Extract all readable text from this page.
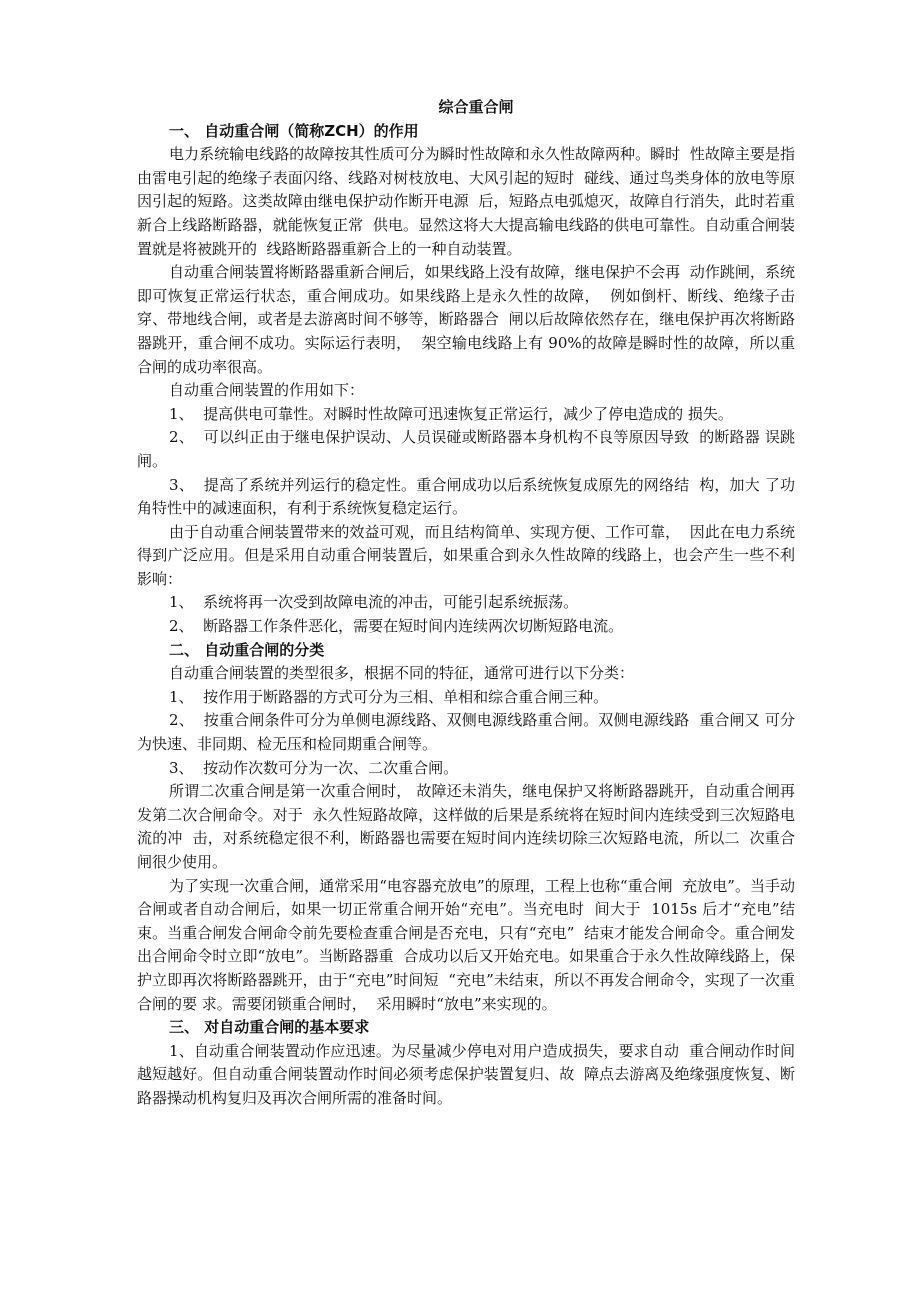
综合重合闸

一、 自动重合闸（简称ZCH）的作用

电力系统输电线路的故障按其性质可分为瞬时性故障和永久性故障两种。瞬时  性故障主要是指由雷电引起的绝缘子表面闪络、线路对树枝放电、大风引起的短时  碰线、通过鸟类身体的放电等原因引起的短路。这类故障由继电保护动作断开电源  后，短路点电弧熄灭，故障自行消失，此时若重新合上线路断路器，就能恢复正常  供电。显然这将大大提高输电线路的供电可靠性。自动重合闸装置就是将被跳开的  线路断路器重新合上的一种自动装置。

自动重合闸装置将断路器重新合闸后，如果线路上没有故障，继电保护不会再  动作跳闸，系统即可恢复正常运行状态，重合闸成功。如果线路上是永久性的故障，  例如倒杆、断线、绝缘子击穿、带地线合闸，或者是去游离时间不够等，断路器合  闸以后故障依然存在，继电保护再次将断路器跳开，重合闸不成功。实际运行表明，  架空输电线路上有 90%的故障是瞬时性的故障，所以重合闸的成功率很高。

自动重合闸装置的作用如下：

1、  提高供电可靠性。对瞬时性故障可迅速恢复正常运行，减少了停电造成的 损失。

2、  可以纠正由于继电保护误动、人员误碰或断路器本身机构不良等原因导致  的断路器 误跳闸。

3、  提高了系统并列运行的稳定性。重合闸成功以后系统恢复成原先的网络结  构，加大 了功角特性中的减速面积，有利于系统恢复稳定运行。

由于自动重合闸装置带来的效益可观，而且结构简单、实现方便、工作可靠，  因此在电力系统得到广泛应用。但是采用自动重合闸装置后，如果重合到永久性故障的线路上，也会产生一些不利影响：

1、  系统将再一次受到故障电流的冲击，可能引起系统振荡。

2、  断路器工作条件恶化，需要在短时间内连续两次切断短路电流。

二、 自动重合闸的分类

自动重合闸装置的类型很多，根据不同的特征，通常可进行以下分类：

1、  按作用于断路器的方式可分为三相、单相和综合重合闸三种。

2、  按重合闸条件可分为单侧电源线路、双侧电源线路重合闸。双侧电源线路  重合闸又 可分为快速、非同期、检无压和检同期重合闸等。

3、  按动作次数可分为一次、二次重合闸。

所谓二次重合闸是第一次重合闸时， 故障还未消失，继电保护又将断路器跳开，自动重合闸再发第二次合闸命令。对于  永久性短路故障，这样做的后果是系统将在短时间内连续受到三次短路电流的冲  击，对系统稳定很不利，断路器也需要在短时间内连续切除三次短路电流，所以二  次重合闸很少使用。

为了实现一次重合闸，通常采用“电容器充放电”的原理，工程上也称“重合闸  充放电”。当手动合闸或者自动合闸后，如果一切正常重合闸开始“充电”。当充电时  间大于  1015s 后才“充电”结束。当重合闸发合闸命令前先要检查重合闸是否充电，只有“充电”  结束才能发合闸命令。重合闸发出合闸命令时立即“放电”。当断路器重  合成功以后又开始充电。如果重合于永久性故障线路上，保护立即再次将断路器跳开，由于“充电”时间短  “充电”未结束，所以不再发合闸命令，实现了一次重合闸的要 求。需要闭锁重合闸时，  采用瞬时“放电”来实现的。

三、 对自动重合闸的基本要求

1、自动重合闸装置动作应迅速。为尽量减少停电对用户造成损失，要求自动  重合闸动作时间越短越好。但自动重合闸装置动作时间必须考虑保护装置复归、故  障点去游离及绝缘强度恢复、断路器操动机构复归及再次合闸所需的准备时间。
